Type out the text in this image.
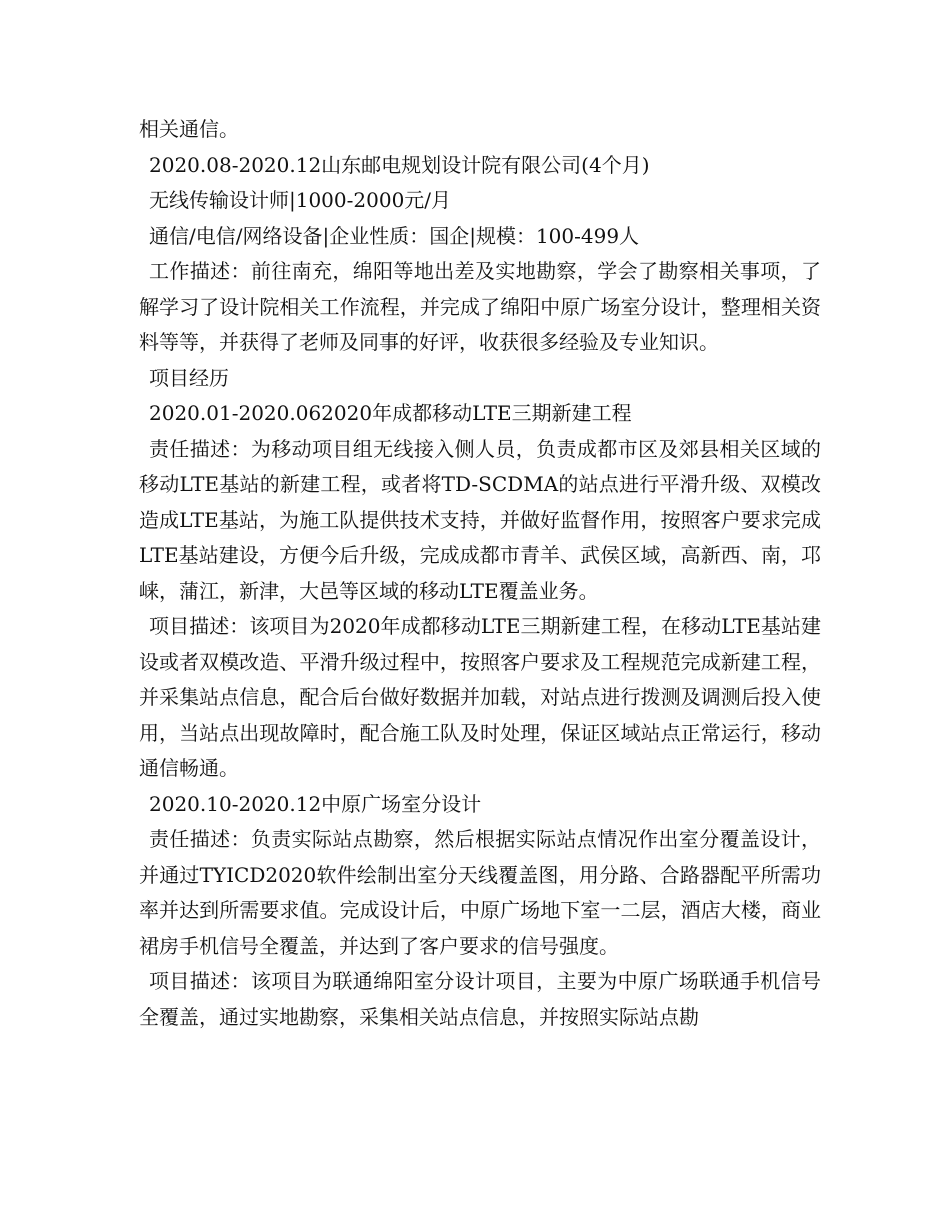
相关通信。

2020.08-2020.12山东邮电规划设计院有限公司(4个月)

无线传输设计师|1000-2000元/月

通信/电信/网络设备|企业性质：国企|规模：100-499人

工作描述：前往南充，绵阳等地出差及实地勘察，学会了勘察相关事项，了解学习了设计院相关工作流程，并完成了绵阳中原广场室分设计，整理相关资料等等，并获得了老师及同事的好评，收获很多经验及专业知识。

项目经历

2020.01-2020.062020年成都移动LTE三期新建工程

责任描述：为移动项目组无线接入侧人员，负责成都市区及郊县相关区域的移动LTE基站的新建工程，或者将TD-SCDMA的站点进行平滑升级、双模改造成LTE基站，为施工队提供技术支持，并做好监督作用，按照客户要求完成LTE基站建设，方便今后升级，完成成都市青羊、武侯区域，高新西、南，邛崃，蒲江，新津，大邑等区域的移动LTE覆盖业务。

项目描述：该项目为2020年成都移动LTE三期新建工程，在移动LTE基站建设或者双模改造、平滑升级过程中，按照客户要求及工程规范完成新建工程，并采集站点信息，配合后台做好数据并加载，对站点进行拨测及调测后投入使用，当站点出现故障时，配合施工队及时处理，保证区域站点正常运行，移动通信畅通。

2020.10-2020.12中原广场室分设计

责任描述：负责实际站点勘察，然后根据实际站点情况作出室分覆盖设计，并通过TYICD2020软件绘制出室分天线覆盖图，用分路、合路器配平所需功率并达到所需要求值。完成设计后，中原广场地下室一二层，酒店大楼，商业裙房手机信号全覆盖，并达到了客户要求的信号强度。

项目描述：该项目为联通绵阳室分设计项目，主要为中原广场联通手机信号全覆盖，通过实地勘察，采集相关站点信息，并按照实际站点勘
